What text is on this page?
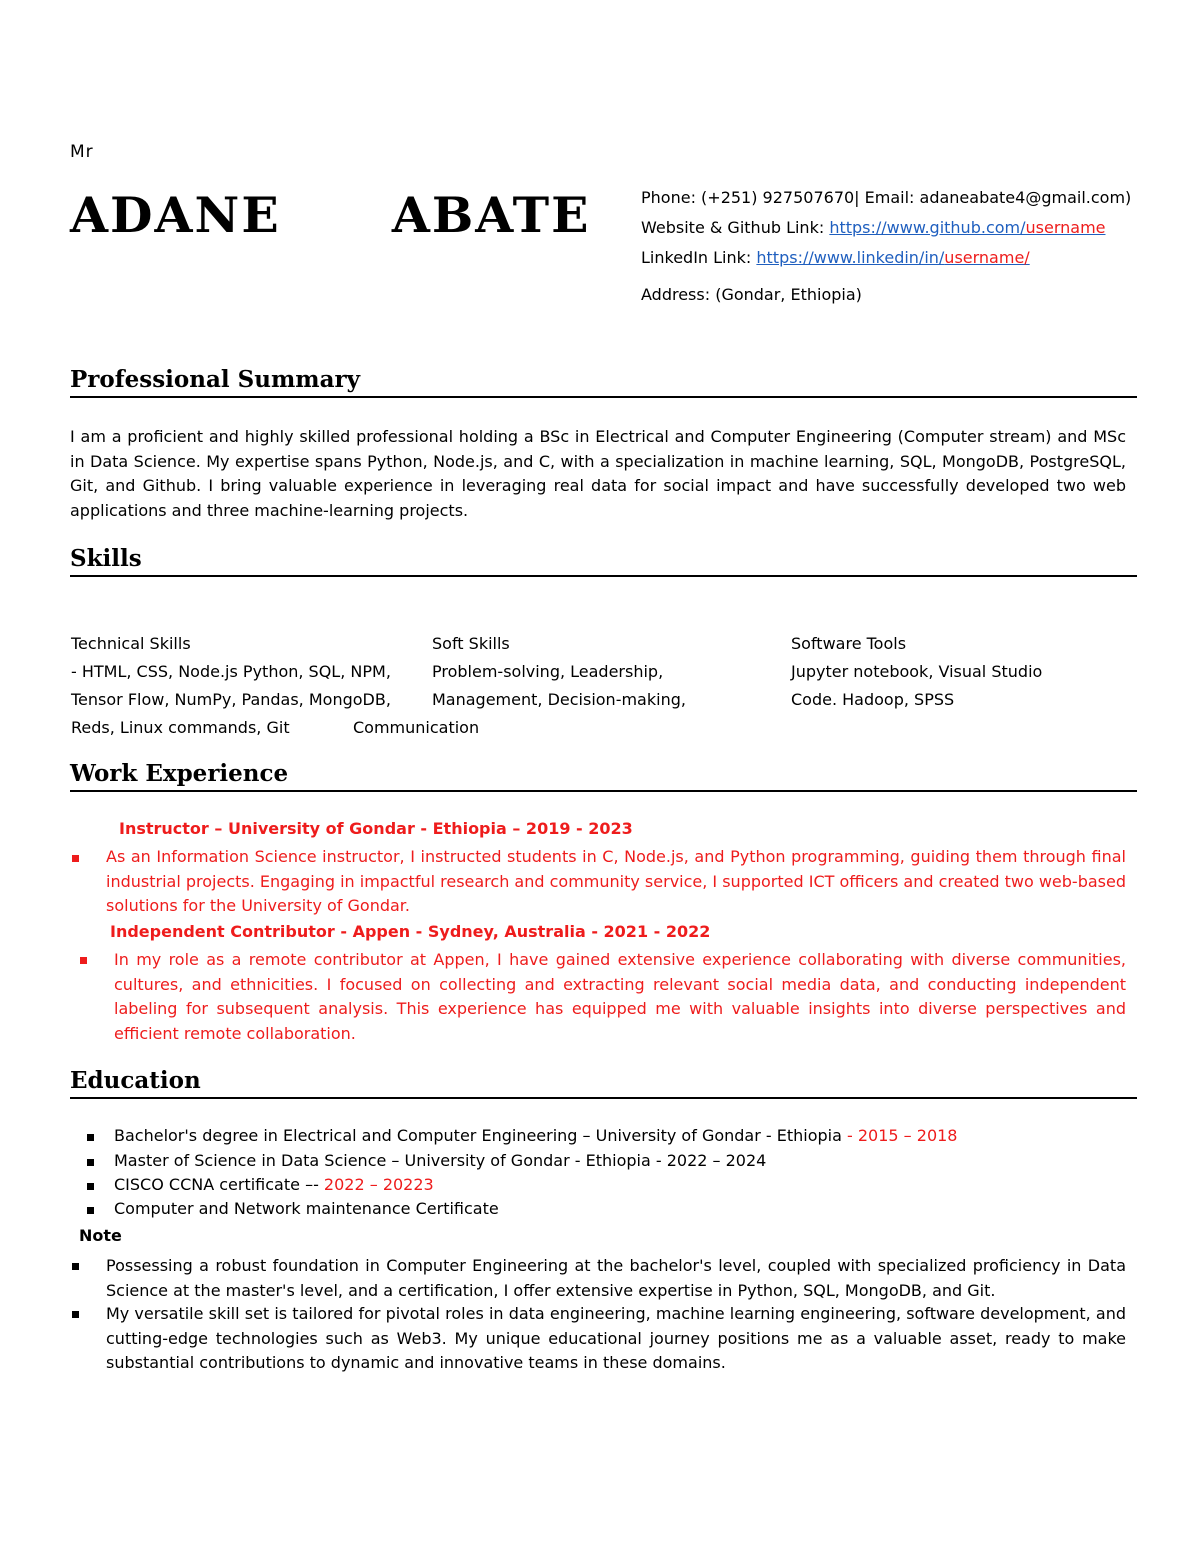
Mr
ADANE   ABATE	Phone: (+251) 927507670| Email: adaneabate4@gmail.com)
Website & Github Link: https://www.github.com/username
LinkedIn Link: https://www.linkedin/in/username/
Address: (Gondar, Ethiopia)
Professional Summary
I am a proficient and highly skilled professional holding a BSc in Electrical and Computer Engineering (Computer stream) and MSc in Data Science. My expertise spans Python, Node.js, and C, with a specialization in machine learning, SQL, MongoDB, PostgreSQL, Git, and Github. I bring valuable experience in leveraging real data for social impact and have successfully developed two web applications and three machine-learning projects.
Skills
Technical Skills
- HTML, CSS, Node.js Python, SQL, NPM,
Tensor Flow, NumPy, Pandas, MongoDB,
Reds, Linux commands, Git
Soft Skills
Problem-solving, Leadership,
Management, Decision-making,
Communication
Software Tools
Jupyter notebook, Visual Studio
Code. Hadoop, SPSS
Work Experience
Instructor – University of Gondar - Ethiopia – 2019 - 2023
As an Information Science instructor, I instructed students in C, Node.js, and Python programming, guiding them through final industrial projects. Engaging in impactful research and community service, I supported ICT officers and created two web-based solutions for the University of Gondar.
Independent Contributor - Appen - Sydney, Australia - 2021 - 2022
In my role as a remote contributor at Appen, I have gained extensive experience collaborating with diverse communities, cultures, and ethnicities. I focused on collecting and extracting relevant social media data, and conducting independent labeling for subsequent analysis. This experience has equipped me with valuable insights into diverse perspectives and efficient remote collaboration.
Education
Bachelor's degree in Electrical and Computer Engineering – University of Gondar - Ethiopia - 2015 – 2018
Master of Science in Data Science – University of Gondar - Ethiopia - 2022 – 2024
CISCO CCNA certificate –- 2022 – 20223
Computer and Network maintenance Certificate
Note
Possessing a robust foundation in Computer Engineering at the bachelor's level, coupled with specialized proficiency in Data Science at the master's level, and a certification, I offer extensive expertise in Python, SQL, MongoDB, and Git.
My versatile skill set is tailored for pivotal roles in data engineering, machine learning engineering, software development, and cutting-edge technologies such as Web3. My unique educational journey positions me as a valuable asset, ready to make substantial contributions to dynamic and innovative teams in these domains.
